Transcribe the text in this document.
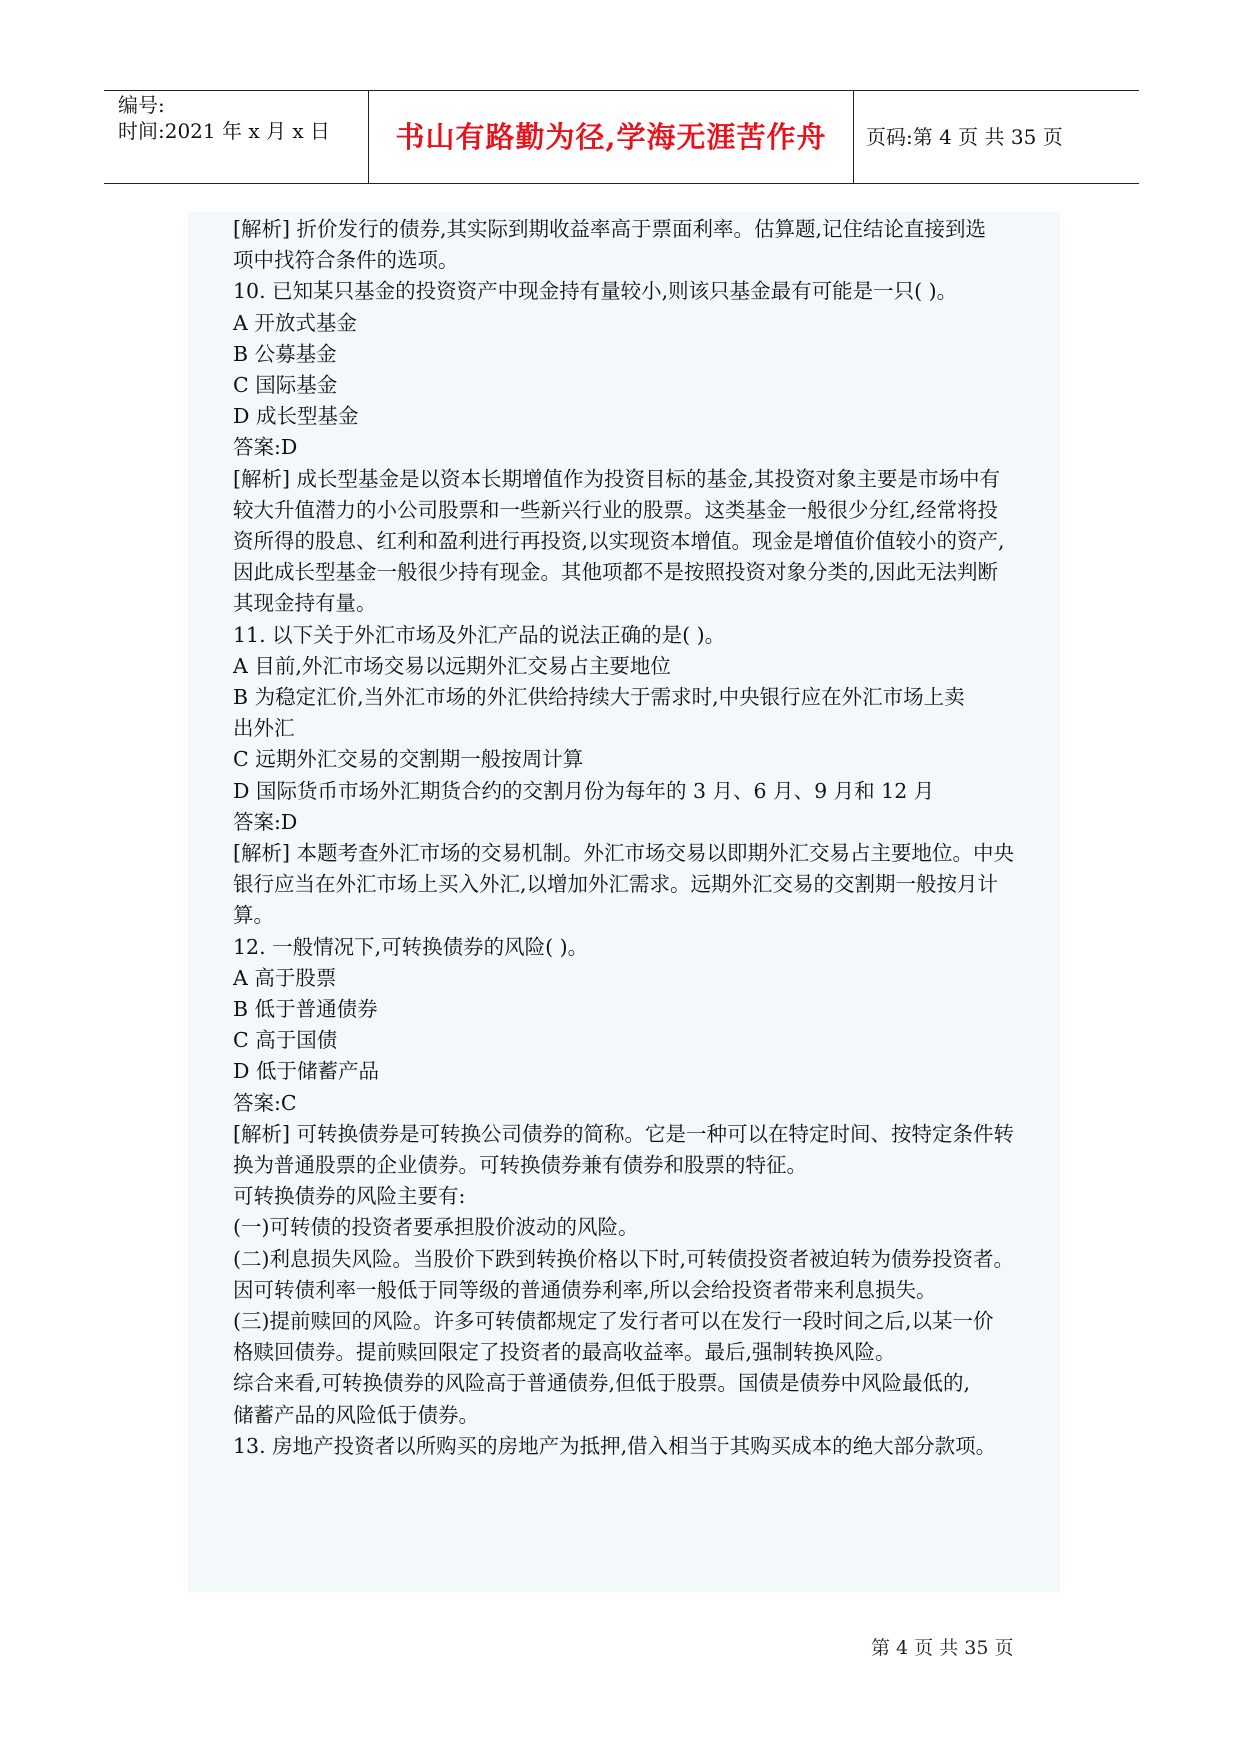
编号:
时间:2021 年 x 月 x 日	书山有路勤为径,学海无涯苦作舟	页码:第 4 页 共 35 页
[解析] 折价发行的债券,其实际到期收益率高于票面利率。估算题,记住结论直接到选
项中找符合条件的选项。
10. 已知某只基金的投资资产中现金持有量较小,则该只基金最有可能是一只( )。
A 开放式基金
B 公募基金
C 国际基金
D 成长型基金
答案:D
[解析] 成长型基金是以资本长期增值作为投资目标的基金,其投资对象主要是市场中有
较大升值潜力的小公司股票和一些新兴行业的股票。这类基金一般很少分红,经常将投
资所得的股息、红利和盈利进行再投资,以实现资本增值。现金是增值价值较小的资产,
因此成长型基金一般很少持有现金。其他项都不是按照投资对象分类的,因此无法判断
其现金持有量。
11. 以下关于外汇市场及外汇产品的说法正确的是( )。
A 目前,外汇市场交易以远期外汇交易占主要地位
B 为稳定汇价,当外汇市场的外汇供给持续大于需求时,中央银行应在外汇市场上卖
出外汇
C 远期外汇交易的交割期一般按周计算
D 国际货币市场外汇期货合约的交割月份为每年的 3 月、6 月、9 月和 12 月
答案:D
[解析] 本题考查外汇市场的交易机制。外汇市场交易以即期外汇交易占主要地位。中央
银行应当在外汇市场上买入外汇,以增加外汇需求。远期外汇交易的交割期一般按月计
算。
12. 一般情况下,可转换债券的风险( )。
A 高于股票
B 低于普通债券
C 高于国债
D 低于储蓄产品
答案:C
[解析] 可转换债券是可转换公司债券的简称。它是一种可以在特定时间、按特定条件转
换为普通股票的企业债券。可转换债券兼有债券和股票的特征。
可转换债券的风险主要有:
(一)可转债的投资者要承担股价波动的风险。
(二)利息损失风险。当股价下跌到转换价格以下时,可转债投资者被迫转为债券投资者。
因可转债利率一般低于同等级的普通债券利率,所以会给投资者带来利息损失。
(三)提前赎回的风险。许多可转债都规定了发行者可以在发行一段时间之后,以某一价
格赎回债券。提前赎回限定了投资者的最高收益率。最后,强制转换风险。
综合来看,可转换债券的风险高于普通债券,但低于股票。国债是债券中风险最低的,
储蓄产品的风险低于债券。
13. 房地产投资者以所购买的房地产为抵押,借入相当于其购买成本的绝大部分款项。
第 4 页 共 35 页
